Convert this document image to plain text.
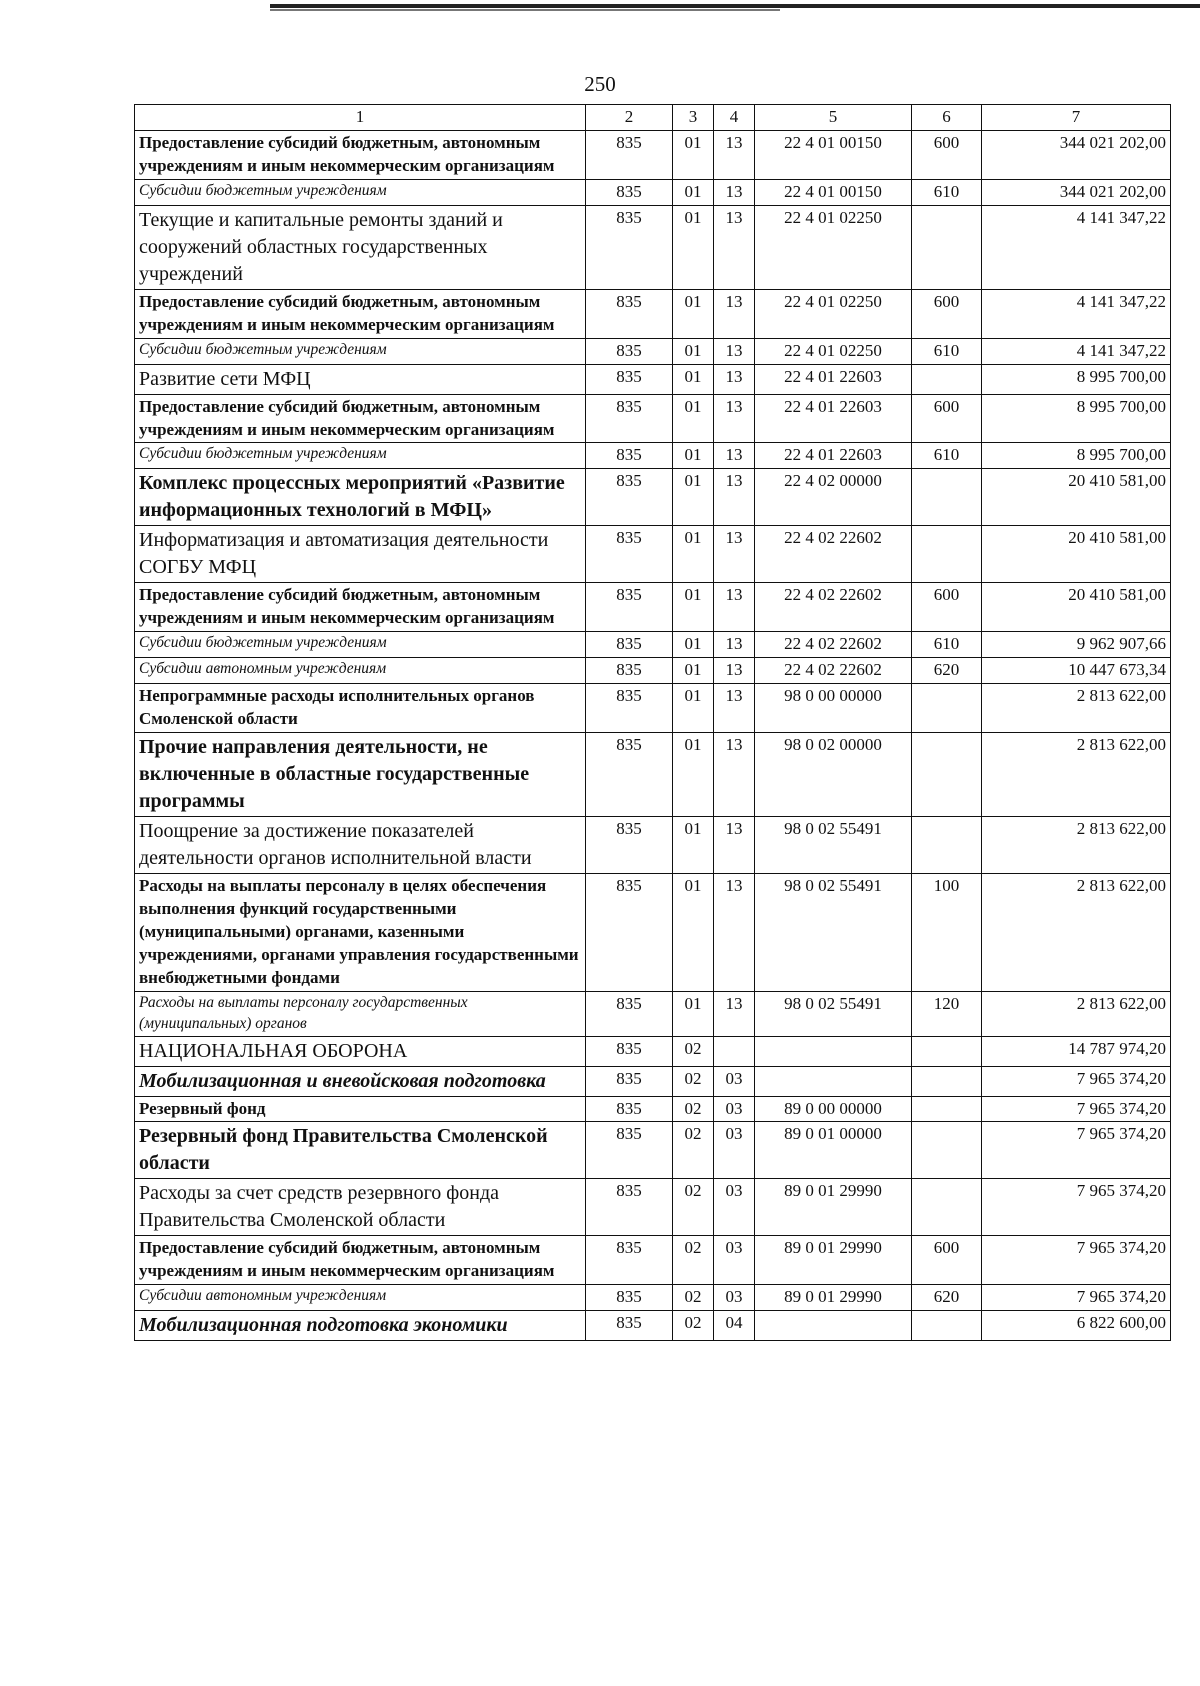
250
1	2	3	4	5	6	7
Предоставление субсидий бюджетным, автономным учреждениям и иным некоммерческим организациям	835	01	13	22 4 01 00150	600	344 021 202,00
Субсидии бюджетным учреждениям	835	01	13	22 4 01 00150	610	344 021 202,00
Текущие и капитальные ремонты зданий и сооружений областных государственных учреждений	835	01	13	22 4 01 02250		4 141 347,22
Предоставление субсидий бюджетным, автономным учреждениям и иным некоммерческим организациям	835	01	13	22 4 01 02250	600	4 141 347,22
Субсидии бюджетным учреждениям	835	01	13	22 4 01 02250	610	4 141 347,22
Развитие сети МФЦ	835	01	13	22 4 01 22603		8 995 700,00
Предоставление субсидий бюджетным, автономным учреждениям и иным некоммерческим организациям	835	01	13	22 4 01 22603	600	8 995 700,00
Субсидии бюджетным учреждениям	835	01	13	22 4 01 22603	610	8 995 700,00
Комплекс процессных мероприятий «Развитие информационных технологий в МФЦ»	835	01	13	22 4 02 00000		20 410 581,00
Информатизация и автоматизация деятельности СОГБУ МФЦ	835	01	13	22 4 02 22602		20 410 581,00
Предоставление субсидий бюджетным, автономным учреждениям и иным некоммерческим организациям	835	01	13	22 4 02 22602	600	20 410 581,00
Субсидии бюджетным учреждениям	835	01	13	22 4 02 22602	610	9 962 907,66
Субсидии автономным учреждениям	835	01	13	22 4 02 22602	620	10 447 673,34
Непрограммные расходы исполнительных органов Смоленской области	835	01	13	98 0 00 00000		2 813 622,00
Прочие направления деятельности, не включенные в областные государственные программы	835	01	13	98 0 02 00000		2 813 622,00
Поощрение за достижение показателей деятельности органов исполнительной власти	835	01	13	98 0 02 55491		2 813 622,00
Расходы на выплаты персоналу в целях обеспечения выполнения функций государственными (муниципальными) органами, казенными учреждениями, органами управления государственными внебюджетными фондами	835	01	13	98 0 02 55491	100	2 813 622,00
Расходы на выплаты персоналу государственных (муниципальных) органов	835	01	13	98 0 02 55491	120	2 813 622,00
НАЦИОНАЛЬНАЯ ОБОРОНА	835	02				14 787 974,20
Мобилизационная и вневойсковая подготовка	835	02	03			7 965 374,20
Резервный фонд	835	02	03	89 0 00 00000		7 965 374,20
Резервный фонд Правительства Смоленской области	835	02	03	89 0 01 00000		7 965 374,20
Расходы за счет средств резервного фонда Правительства Смоленской области	835	02	03	89 0 01 29990		7 965 374,20
Предоставление субсидий бюджетным, автономным учреждениям и иным некоммерческим организациям	835	02	03	89 0 01 29990	600	7 965 374,20
Субсидии автономным учреждениям	835	02	03	89 0 01 29990	620	7 965 374,20
Мобилизационная подготовка экономики	835	02	04			6 822 600,00
